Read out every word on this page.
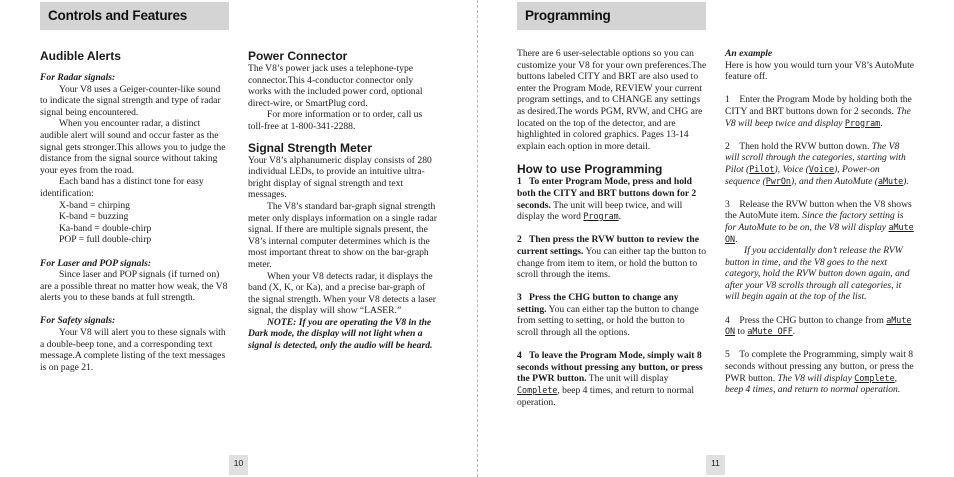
Controls and Features

Audible Alerts

For Radar signals:

Your V8 uses a Geiger-counter-like sound to indicate the signal strength and type of radar signal being encountered.

When you encounter radar, a distinct audible alert will sound and occur faster as the signal gets stronger.This allows you to judge the distance from the signal source without taking your eyes from the road.

Each band has a distinct tone for easy identification:

X-band = chirping

K-band = buzzing

Ka-band = double-chirp

POP = full double-chirp

For Laser and POP signals:

Since laser and POP signals (if turned on) are a possible threat no matter how weak, the V8 alerts you to these bands at full strength.

For Safety signals:

Your V8 will alert you to these signals with a double-beep tone, and a corresponding text message.A complete listing of the text messages is on page 21.

Power Connector

The V8’s power jack uses a telephone-type connector.This 4-conductor connector only works with the included power cord, optional direct-wire, or SmartPlug cord.

For more information or to order, call us toll-free at 1-800-341-2288.

Signal Strength Meter

Your V8’s alphanumeric display consists of 280 individual LEDs, to provide an intuitive ultra-bright display of signal strength and text messages.

The V8’s standard bar-graph signal strength meter only displays information on a single radar signal. If there are multiple signals present, the V8’s internal computer determines which is the most important threat to show on the bar-graph meter.

When your V8 detects radar, it displays the band (X, K, or Ka), and a precise bar-graph of the signal strength. When your V8 detects a laser signal, the display will show “LASER.”

NOTE: If you are operating the V8 in the Dark mode, the display will not light when a signal is detected, only the audio will be heard.

10
Programming

There are 6 user-selectable options so you can customize your V8 for your own preferences.The buttons labeled CITY and BRT are also used to enter the Program Mode, REVIEW your current program settings, and to CHANGE any settings as desired.The words PGM, RVW, and CHG are located on the top of the detector, and are highlighted in colored graphics. Pages 13-14 explain each option in more detail.

How to use Programming

1 To enter Program Mode, press and hold both the CITY and BRT buttons down for 2 seconds. The unit will beep twice, and will display the word Program.

2 Then press the RVW button to review the current settings. You can either tap the button to change from item to item, or hold the button to scroll through the items.

3 Press the CHG button to change any setting. You can either tap the button to change from setting to setting, or hold the button to scroll through all the options.

4 To leave the Program Mode, simply wait 8 seconds without pressing any button, or press the PWR button. The unit will display Complete, beep 4 times, and return to normal operation.

An example

Here is how you would turn your V8’s AutoMute feature off.

1 Enter the Program Mode by holding both the CITY and BRT buttons down for 2 seconds. The V8 will beep twice and display Program.

2 Then hold the RVW button down. The V8 will scroll through the categories, starting with Pilot (Pilot), Voice (Voice), Power-on sequence (PwrOn), and then AutoMute (aMute).

3 Release the RVW button when the V8 shows the AutoMute item. Since the factory setting is for AutoMute to be on, the V8 will display aMute ON.

If you accidentally don’t release the RVW button in time, and the V8 goes to the next category, hold the RVW button down again, and after your V8 scrolls through all categories, it will begin again at the top of the list.

4 Press the CHG button to change from aMute ON to aMute OFF.

5 To complete the Programming, simply wait 8 seconds without pressing any button, or press the PWR button. The V8 will display Complete, beep 4 times, and return to normal operation.

11
